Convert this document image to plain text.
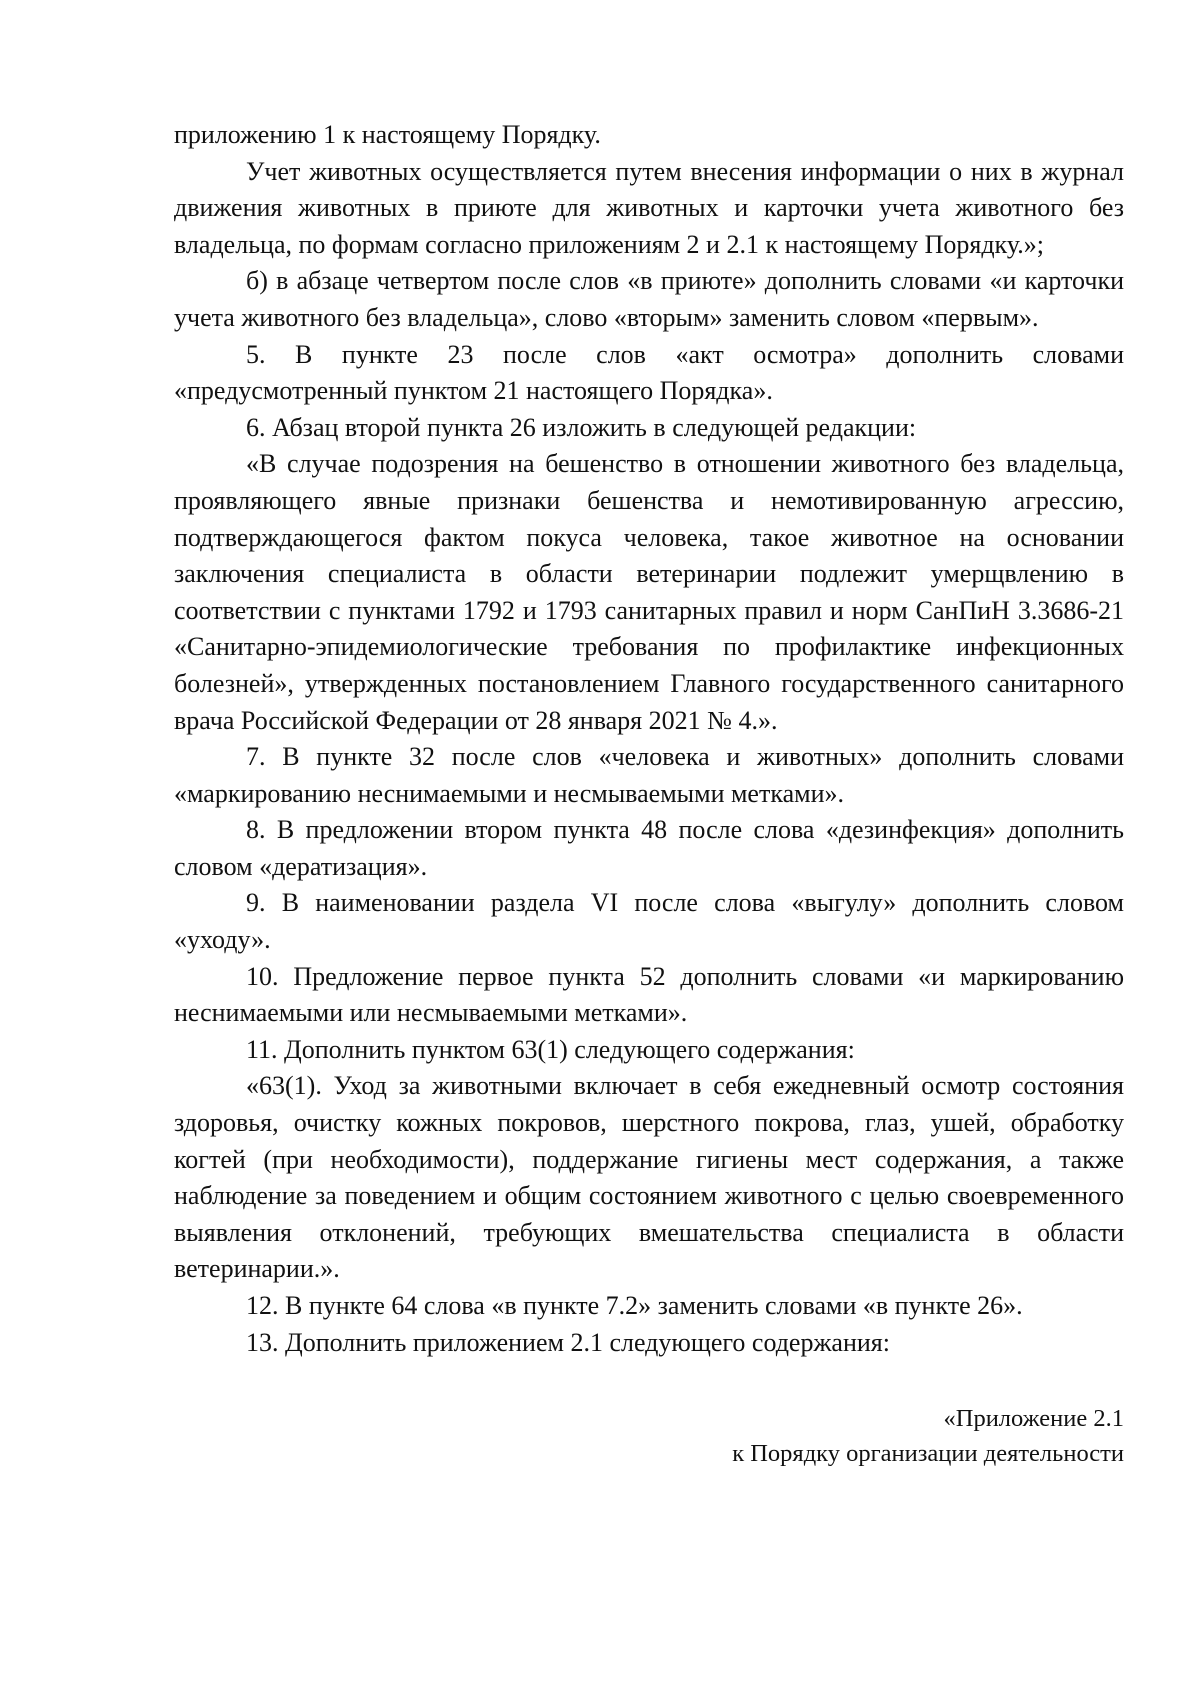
приложению 1 к настоящему Порядку.

Учет животных осуществляется путем внесения информации о них в журнал движения животных в приюте для животных и карточки учета животного без владельца, по формам согласно приложениям 2 и 2.1 к настоящему Порядку.»;

б) в абзаце четвертом после слов «в приюте» дополнить словами «и карточки учета животного без владельца», слово «вторым» заменить словом «первым».

5. В пункте 23 после слов «акт осмотра» дополнить словами «предусмотренный пунктом 21 настоящего Порядка».

6. Абзац второй пункта 26 изложить в следующей редакции:

«В случае подозрения на бешенство в отношении животного без владельца, проявляющего явные признаки бешенства и немотивированную агрессию, подтверждающегося фактом покуса человека, такое животное на основании заключения специалиста в области ветеринарии подлежит умерщвлению в соответствии с пунктами 1792 и 1793 санитарных правил и норм СанПиН 3.3686-21 «Санитарно-эпидемиологические требования по профилактике инфекционных болезней», утвержденных постановлением Главного государственного санитарного врача Российской Федерации от 28 января 2021 № 4.».

7. В пункте 32 после слов «человека и животных» дополнить словами «маркированию неснимаемыми и несмываемыми метками».

8. В предложении втором пункта 48 после слова «дезинфекция» дополнить словом «дератизация».

9. В наименовании раздела VI после слова «выгулу» дополнить словом «уходу».

10. Предложение первое пункта 52 дополнить словами «и маркированию неснимаемыми или несмываемыми метками».

11. Дополнить пунктом 63(1) следующего содержания:

«63(1). Уход за животными включает в себя ежедневный осмотр состояния здоровья, очистку кожных покровов, шерстного покрова, глаз, ушей, обработку когтей (при необходимости), поддержание гигиены мест содержания, а также наблюдение за поведением и общим состоянием животного с целью своевременного выявления отклонений, требующих вмешательства специалиста в области ветеринарии.».

12. В пункте 64 слова «в пункте 7.2» заменить словами «в пункте 26».

13. Дополнить приложением 2.1 следующего содержания:

«Приложение 2.1
к Порядку организации деятельности
